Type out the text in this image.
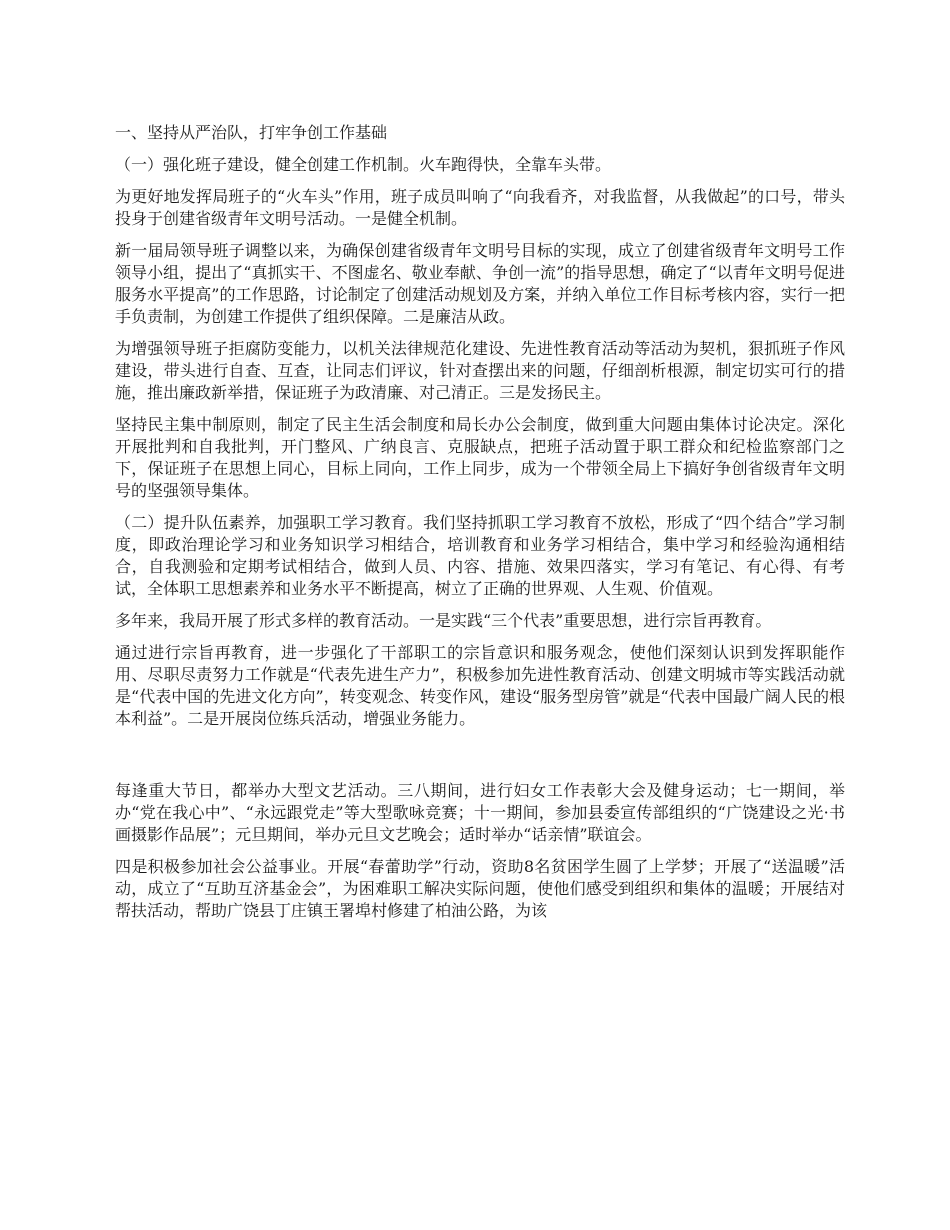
一、坚持从严治队，打牢争创工作基础

（一）强化班子建设，健全创建工作机制。火车跑得快，全靠车头带。

为更好地发挥局班子的“火车头”作用，班子成员叫响了“向我看齐，对我监督，从我做起”的口号，带头投身于创建省级青年文明号活动。一是健全机制。

新一届局领导班子调整以来，为确保创建省级青年文明号目标的实现，成立了创建省级青年文明号工作领导小组，提出了“真抓实干、不图虚名、敬业奉献、争创一流”的指导思想，确定了“以青年文明号促进服务水平提高”的工作思路，讨论制定了创建活动规划及方案，并纳入单位工作目标考核内容，实行一把手负责制，为创建工作提供了组织保障。二是廉洁从政。

为增强领导班子拒腐防变能力，以机关法律规范化建设、先进性教育活动等活动为契机，狠抓班子作风建设，带头进行自查、互查，让同志们评议，针对查摆出来的问题，仔细剖析根源，制定切实可行的措施，推出廉政新举措，保证班子为政清廉、对己清正。三是发扬民主。

坚持民主集中制原则，制定了民主生活会制度和局长办公会制度，做到重大问题由集体讨论决定。深化开展批判和自我批判，开门整风、广纳良言、克服缺点，把班子活动置于职工群众和纪检监察部门之下，保证班子在思想上同心，目标上同向，工作上同步，成为一个带领全局上下搞好争创省级青年文明号的坚强领导集体。

（二）提升队伍素养，加强职工学习教育。我们坚持抓职工学习教育不放松，形成了“四个结合”学习制度，即政治理论学习和业务知识学习相结合，培训教育和业务学习相结合，集中学习和经验沟通相结合，自我测验和定期考试相结合，做到人员、内容、措施、效果四落实，学习有笔记、有心得、有考试，全体职工思想素养和业务水平不断提高，树立了正确的世界观、人生观、价值观。

多年来，我局开展了形式多样的教育活动。一是实践“三个代表”重要思想，进行宗旨再教育。

通过进行宗旨再教育，进一步强化了干部职工的宗旨意识和服务观念，使他们深刻认识到发挥职能作用、尽职尽责努力工作就是“代表先进生产力”，积极参加先进性教育活动、创建文明城市等实践活动就是“代表中国的先进文化方向”，转变观念、转变作风，建设“服务型房管”就是“代表中国最广阔人民的根本利益”。二是开展岗位练兵活动，增强业务能力。

每逢重大节日，都举办大型文艺活动。三八期间，进行妇女工作表彰大会及健身运动；七一期间，举办“党在我心中”、“永远跟党走”等大型歌咏竞赛；十一期间，参加县委宣传部组织的“广饶建设之光·书画摄影作品展”；元旦期间，举办元旦文艺晚会；适时举办“话亲情”联谊会。

四是积极参加社会公益事业。开展“春蕾助学”行动，资助8名贫困学生圆了上学梦；开展了“送温暖”活动，成立了“互助互济基金会”，为困难职工解决实际问题，使他们感受到组织和集体的温暖；开展结对帮扶活动，帮助广饶县丁庄镇王署埠村修建了柏油公路，为该
